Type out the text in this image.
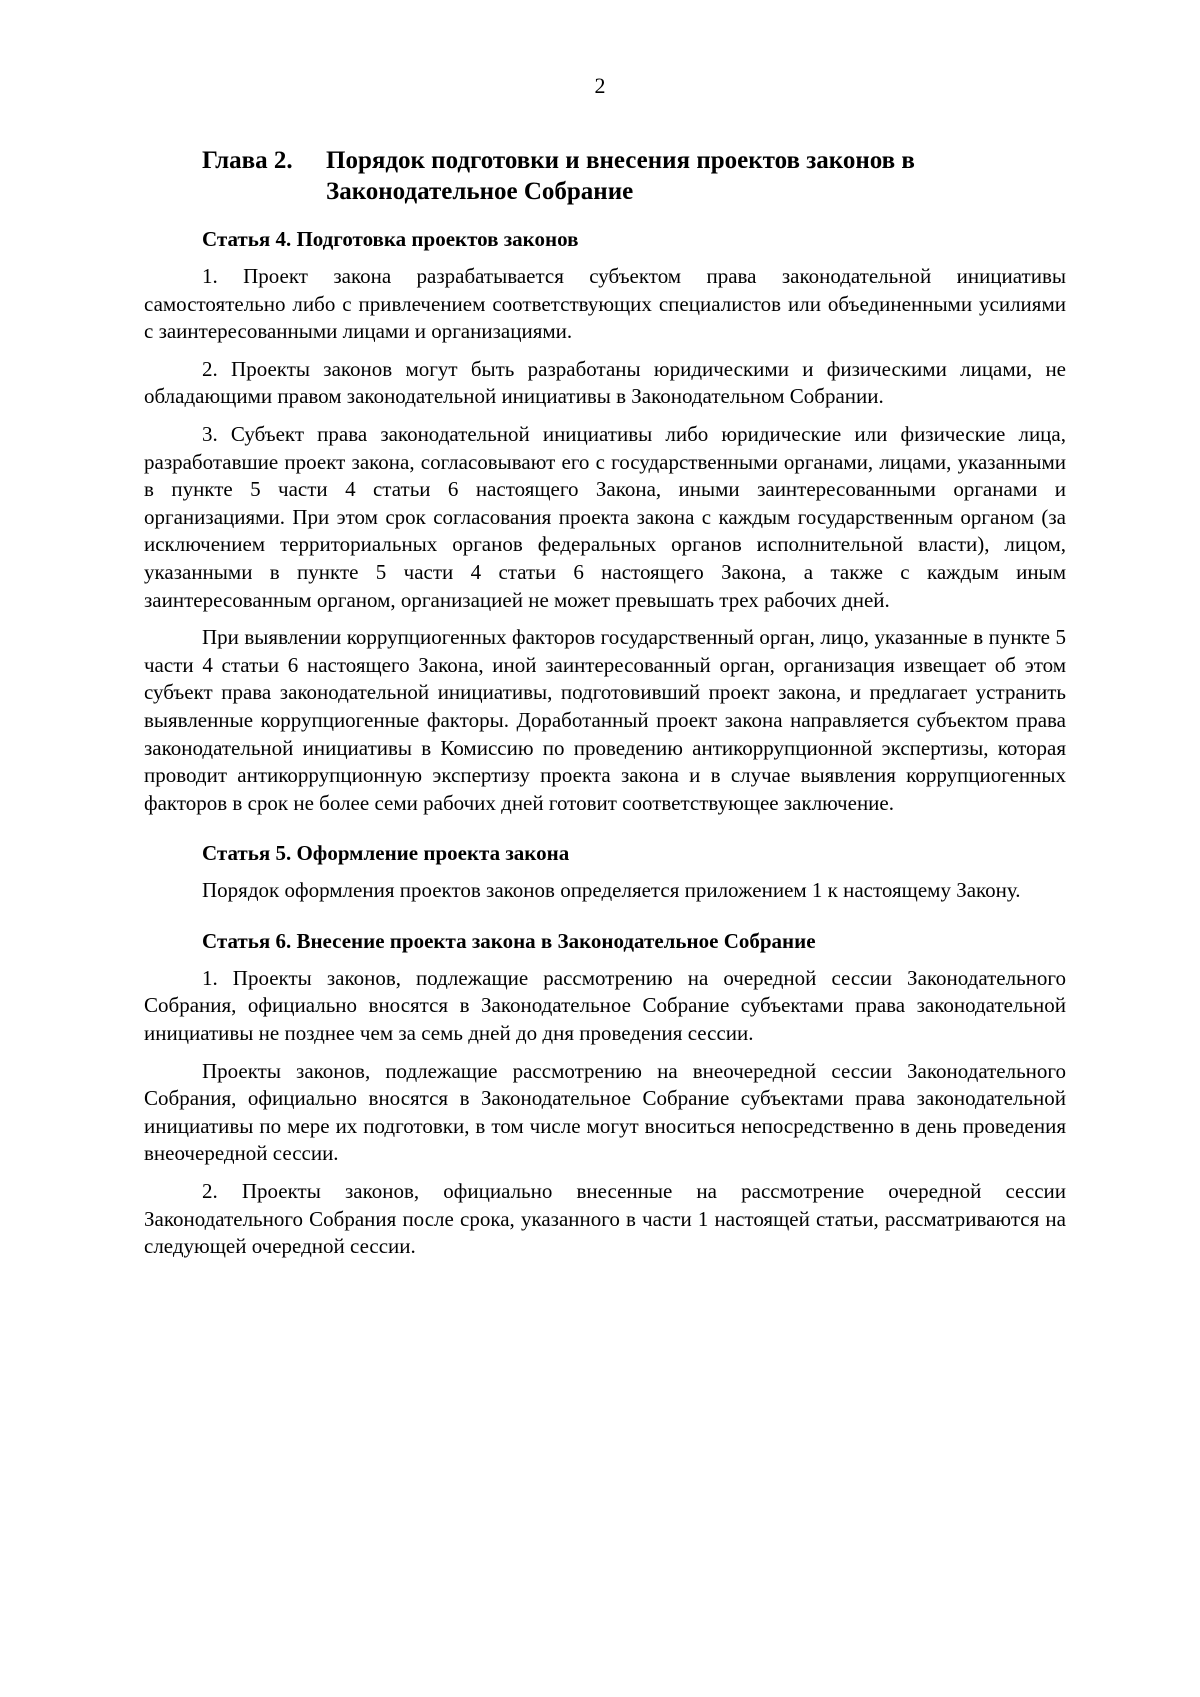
2
Глава 2.	Порядок подготовки и внесения проектов законов в Законодательное Собрание
Статья 4. Подготовка проектов законов

1. Проект закона разрабатывается субъектом права законодательной инициативы самостоятельно либо с привлечением соответствующих специалистов или объединенными усилиями с заинтересованными лицами и организациями.

2. Проекты законов могут быть разработаны юридическими и физическими лицами, не обладающими правом законодательной инициативы в Законодательном Собрании.

3. Субъект права законодательной инициативы либо юридические или физические лица, разработавшие проект закона, согласовывают его с государственными органами, лицами, указанными в пункте 5 части 4 статьи 6 настоящего Закона, иными заинтересованными органами и организациями. При этом срок согласования проекта закона с каждым государственным органом (за исключением территориальных органов федеральных органов исполнительной власти), лицом, указанными в пункте 5 части 4 статьи 6 настоящего Закона, а также с каждым иным заинтересованным органом, организацией не может превышать трех рабочих дней.

При выявлении коррупциогенных факторов государственный орган, лицо, указанные в пункте 5 части 4 статьи 6 настоящего Закона, иной заинтересованный орган, организация извещает об этом субъект права законодательной инициативы, подготовивший проект закона, и предлагает устранить выявленные коррупциогенные факторы. Доработанный проект закона направляется субъектом права законодательной инициативы в Комиссию по проведению антикоррупционной экспертизы, которая проводит антикоррупционную экспертизу проекта закона и в случае выявления коррупциогенных факторов в срок не более семи рабочих дней готовит соответствующее заключение.

Статья 5. Оформление проекта закона

Порядок оформления проектов законов определяется приложением 1 к настоящему Закону.

Статья 6. Внесение проекта закона в Законодательное Собрание

1. Проекты законов, подлежащие рассмотрению на очередной сессии Законодательного Собрания, официально вносятся в Законодательное Собрание субъектами права законодательной инициативы не позднее чем за семь дней до дня проведения сессии.

Проекты законов, подлежащие рассмотрению на внеочередной сессии Законодательного Собрания, официально вносятся в Законодательное Собрание субъектами права законодательной инициативы по мере их подготовки, в том числе могут вноситься непосредственно в день проведения внеочередной сессии.

2. Проекты законов, официально внесенные на рассмотрение очередной сессии Законодательного Собрания после срока, указанного в части 1 настоящей статьи, рассматриваются на следующей очередной сессии.
